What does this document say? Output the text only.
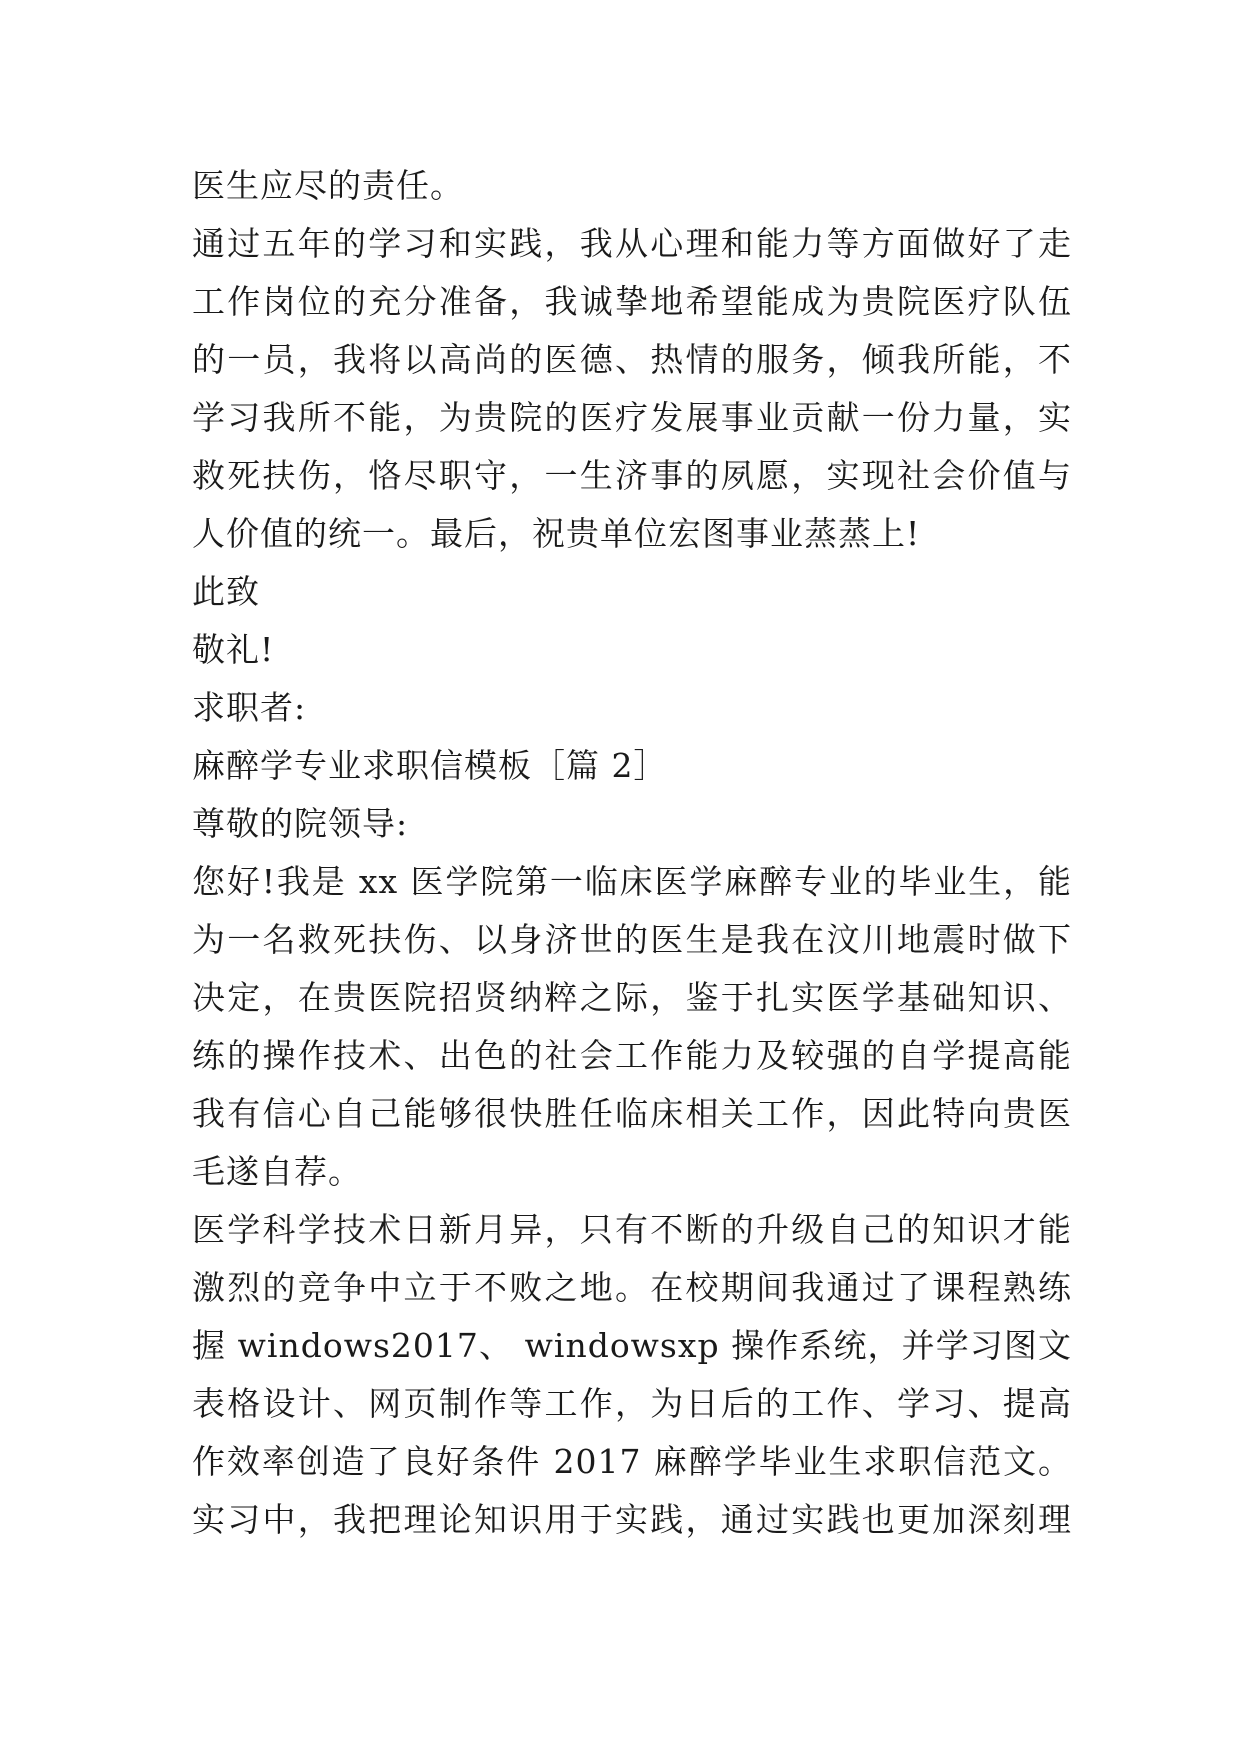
医生应尽的责任。
通过五年的学习和实践，我从心理和能力等方面做好了走
工作岗位的充分准备，我诚挚地希望能成为贵院医疗队伍
的一员，我将以高尚的医德、热情的服务，倾我所能，不
学习我所不能，为贵院的医疗发展事业贡献一份力量，实
救死扶伤，恪尽职守，一生济事的夙愿，实现社会价值与
人价值的统一。最后，祝贵单位宏图事业蒸蒸上!
此致
敬礼!
求职者:
麻醉学专业求职信模板［篇 2］
尊敬的院领导:
您好!我是 xx 医学院第一临床医学麻醉专业的毕业生，能
为一名救死扶伤、以身济世的医生是我在汶川地震时做下
决定，在贵医院招贤纳粹之际，鉴于扎实医学基础知识、
练的操作技术、出色的社会工作能力及较强的自学提高能
我有信心自己能够很快胜任临床相关工作，因此特向贵医
毛遂自荐。
医学科学技术日新月异，只有不断的升级自己的知识才能
激烈的竞争中立于不败之地。在校期间我通过了课程熟练
握 windows2017、 windowsxp 操作系统，并学习图文
表格设计、网页制作等工作，为日后的工作、学习、提高
作效率创造了良好条件 2017 麻醉学毕业生求职信范文。
实习中，我把理论知识用于实践，通过实践也更加深刻理
